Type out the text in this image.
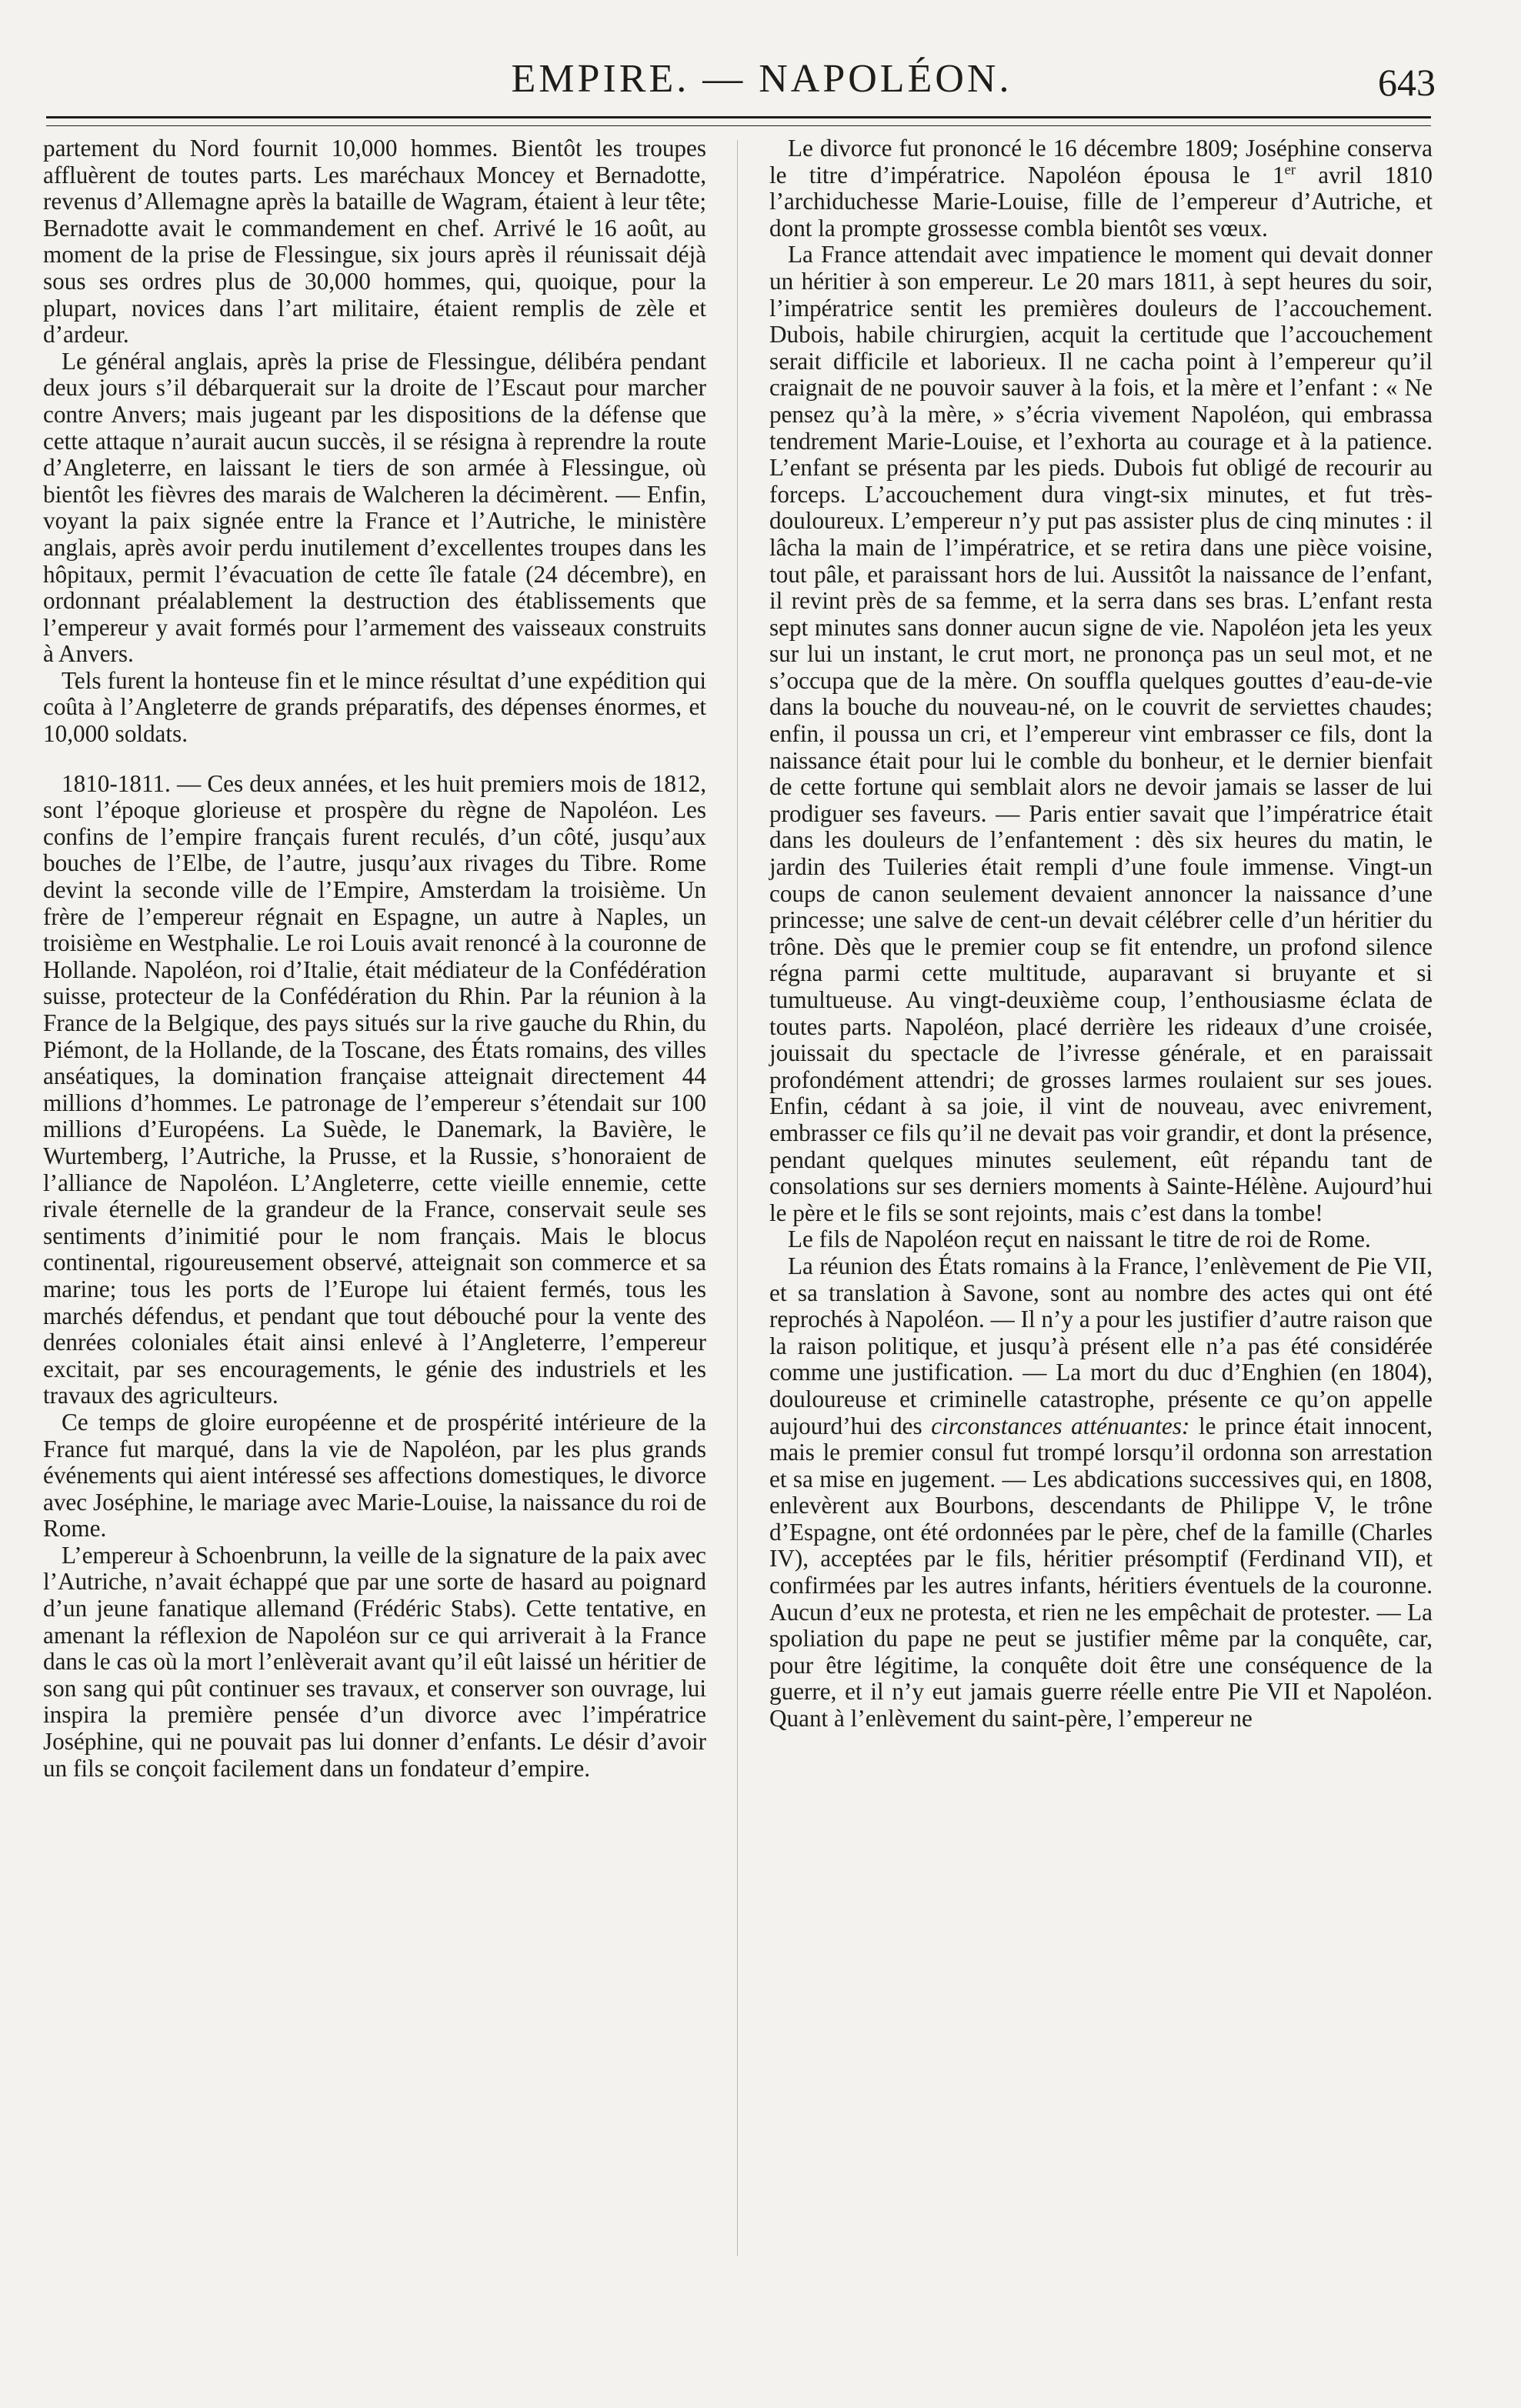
EMPIRE. — NAPOLÉON.	643

partement du Nord fournit 10,000 hommes. Bientôt les troupes affluèrent de toutes parts. Les maréchaux Moncey et Bernadotte, revenus d’Allemagne après la bataille de Wagram, étaient à leur tête; Bernadotte avait le commandement en chef. Arrivé le 16 août, au moment de la prise de Flessingue, six jours après il réunissait déjà sous ses ordres plus de 30,000 hommes, qui, quoique, pour la plupart, novices dans l’art militaire, étaient remplis de zèle et d’ardeur.

Le général anglais, après la prise de Flessingue, délibéra pendant deux jours s’il débarquerait sur la droite de l’Escaut pour marcher contre Anvers; mais jugeant par les dispositions de la défense que cette attaque n’aurait aucun succès, il se résigna à reprendre la route d’Angleterre, en laissant le tiers de son armée à Flessingue, où bientôt les fièvres des marais de Walcheren la décimèrent. — Enfin, voyant la paix signée entre la France et l’Autriche, le ministère anglais, après avoir perdu inutilement d’excellentes troupes dans les hôpitaux, permit l’évacuation de cette île fatale (24 décembre), en ordonnant préalablement la destruction des établissements que l’empereur y avait formés pour l’armement des vaisseaux construits à Anvers.

Tels furent la honteuse fin et le mince résultat d’une expédition qui coûta à l’Angleterre de grands préparatifs, des dépenses énormes, et 10,000 soldats.

1810-1811. — Ces deux années, et les huit premiers mois de 1812, sont l’époque glorieuse et prospère du règne de Napoléon. Les confins de l’empire français furent reculés, d’un côté, jusqu’aux bouches de l’Elbe, de l’autre, jusqu’aux rivages du Tibre. Rome devint la seconde ville de l’Empire, Amsterdam la troisième. Un frère de l’empereur régnait en Espagne, un autre à Naples, un troisième en Westphalie. Le roi Louis avait renoncé à la couronne de Hollande. Napoléon, roi d’Italie, était médiateur de la Confédération suisse, protecteur de la Confédération du Rhin. Par la réunion à la France de la Belgique, des pays situés sur la rive gauche du Rhin, du Piémont, de la Hollande, de la Toscane, des États romains, des villes anséatiques, la domination française atteignait directement 44 millions d’hommes. Le patronage de l’empereur s’étendait sur 100 millions d’Européens. La Suède, le Danemark, la Bavière, le Wurtemberg, l’Autriche, la Prusse, et la Russie, s’honoraient de l’alliance de Napoléon. L’Angleterre, cette vieille ennemie, cette rivale éternelle de la grandeur de la France, conservait seule ses sentiments d’inimitié pour le nom français. Mais le blocus continental, rigoureusement observé, atteignait son commerce et sa marine; tous les ports de l’Europe lui étaient fermés, tous les marchés défendus, et pendant que tout débouché pour la vente des denrées coloniales était ainsi enlevé à l’Angleterre, l’empereur excitait, par ses encouragements, le génie des industriels et les travaux des agriculteurs.

Ce temps de gloire européenne et de prospérité intérieure de la France fut marqué, dans la vie de Napoléon, par les plus grands événements qui aient intéressé ses affections domestiques, le divorce avec Joséphine, le mariage avec Marie-Louise, la naissance du roi de Rome.

L’empereur à Schoenbrunn, la veille de la signature de la paix avec l’Autriche, n’avait échappé que par une sorte de hasard au poignard d’un jeune fanatique allemand (Frédéric Stabs). Cette tentative, en amenant la réflexion de Napoléon sur ce qui arriverait à la France dans le cas où la mort l’enlèverait avant qu’il eût laissé un héritier de son sang qui pût continuer ses travaux, et conserver son ouvrage, lui inspira la première pensée d’un divorce avec l’impératrice Joséphine, qui ne pouvait pas lui donner d’enfants. Le désir d’avoir un fils se conçoit facilement dans un fondateur d’empire.

Le divorce fut prononcé le 16 décembre 1809; Joséphine conserva le titre d’impératrice. Napoléon épousa le 1er avril 1810 l’archiduchesse Marie-Louise, fille de l’empereur d’Autriche, et dont la prompte grossesse combla bientôt ses vœux.

La France attendait avec impatience le moment qui devait donner un héritier à son empereur. Le 20 mars 1811, à sept heures du soir, l’impératrice sentit les premières douleurs de l’accouchement. Dubois, habile chirurgien, acquit la certitude que l’accouchement serait difficile et laborieux. Il ne cacha point à l’empereur qu’il craignait de ne pouvoir sauver à la fois, et la mère et l’enfant : « Ne pensez qu’à la mère, » s’écria vivement Napoléon, qui embrassa tendrement Marie-Louise, et l’exhorta au courage et à la patience. L’enfant se présenta par les pieds. Dubois fut obligé de recourir au forceps. L’accouchement dura vingt-six minutes, et fut très-douloureux. L’empereur n’y put pas assister plus de cinq minutes : il lâcha la main de l’impératrice, et se retira dans une pièce voisine, tout pâle, et paraissant hors de lui. Aussitôt la naissance de l’enfant, il revint près de sa femme, et la serra dans ses bras. L’enfant resta sept minutes sans donner aucun signe de vie. Napoléon jeta les yeux sur lui un instant, le crut mort, ne prononça pas un seul mot, et ne s’occupa que de la mère. On souffla quelques gouttes d’eau-de-vie dans la bouche du nouveau-né, on le couvrit de serviettes chaudes; enfin, il poussa un cri, et l’empereur vint embrasser ce fils, dont la naissance était pour lui le comble du bonheur, et le dernier bienfait de cette fortune qui semblait alors ne devoir jamais se lasser de lui prodiguer ses faveurs. — Paris entier savait que l’impératrice était dans les douleurs de l’enfantement : dès six heures du matin, le jardin des Tuileries était rempli d’une foule immense. Vingt-un coups de canon seulement devaient annoncer la naissance d’une princesse; une salve de cent-un devait célébrer celle d’un héritier du trône. Dès que le premier coup se fit entendre, un profond silence régna parmi cette multitude, auparavant si bruyante et si tumultueuse. Au vingt-deuxième coup, l’enthousiasme éclata de toutes parts. Napoléon, placé derrière les rideaux d’une croisée, jouissait du spectacle de l’ivresse générale, et en paraissait profondément attendri; de grosses larmes roulaient sur ses joues. Enfin, cédant à sa joie, il vint de nouveau, avec enivrement, embrasser ce fils qu’il ne devait pas voir grandir, et dont la présence, pendant quelques minutes seulement, eût répandu tant de consolations sur ses derniers moments à Sainte-Hélène. Aujourd’hui le père et le fils se sont rejoints, mais c’est dans la tombe!

Le fils de Napoléon reçut en naissant le titre de roi de Rome.

La réunion des États romains à la France, l’enlèvement de Pie VII, et sa translation à Savone, sont au nombre des actes qui ont été reprochés à Napoléon. — Il n’y a pour les justifier d’autre raison que la raison politique, et jusqu’à présent elle n’a pas été considérée comme une justification. — La mort du duc d’Enghien (en 1804), douloureuse et criminelle catastrophe, présente ce qu’on appelle aujourd’hui des circonstances atténuantes: le prince était innocent, mais le premier consul fut trompé lorsqu’il ordonna son arrestation et sa mise en jugement. — Les abdications successives qui, en 1808, enlevèrent aux Bourbons, descendants de Philippe V, le trône d’Espagne, ont été ordonnées par le père, chef de la famille (Charles IV), acceptées par le fils, héritier présomptif (Ferdinand VII), et confirmées par les autres infants, héritiers éventuels de la couronne. Aucun d’eux ne protesta, et rien ne les empêchait de protester. — La spoliation du pape ne peut se justifier même par la conquête, car, pour être légitime, la conquête doit être une conséquence de la guerre, et il n’y eut jamais guerre réelle entre Pie VII et Napoléon. Quant à l’enlèvement du saint-père, l’empereur ne
